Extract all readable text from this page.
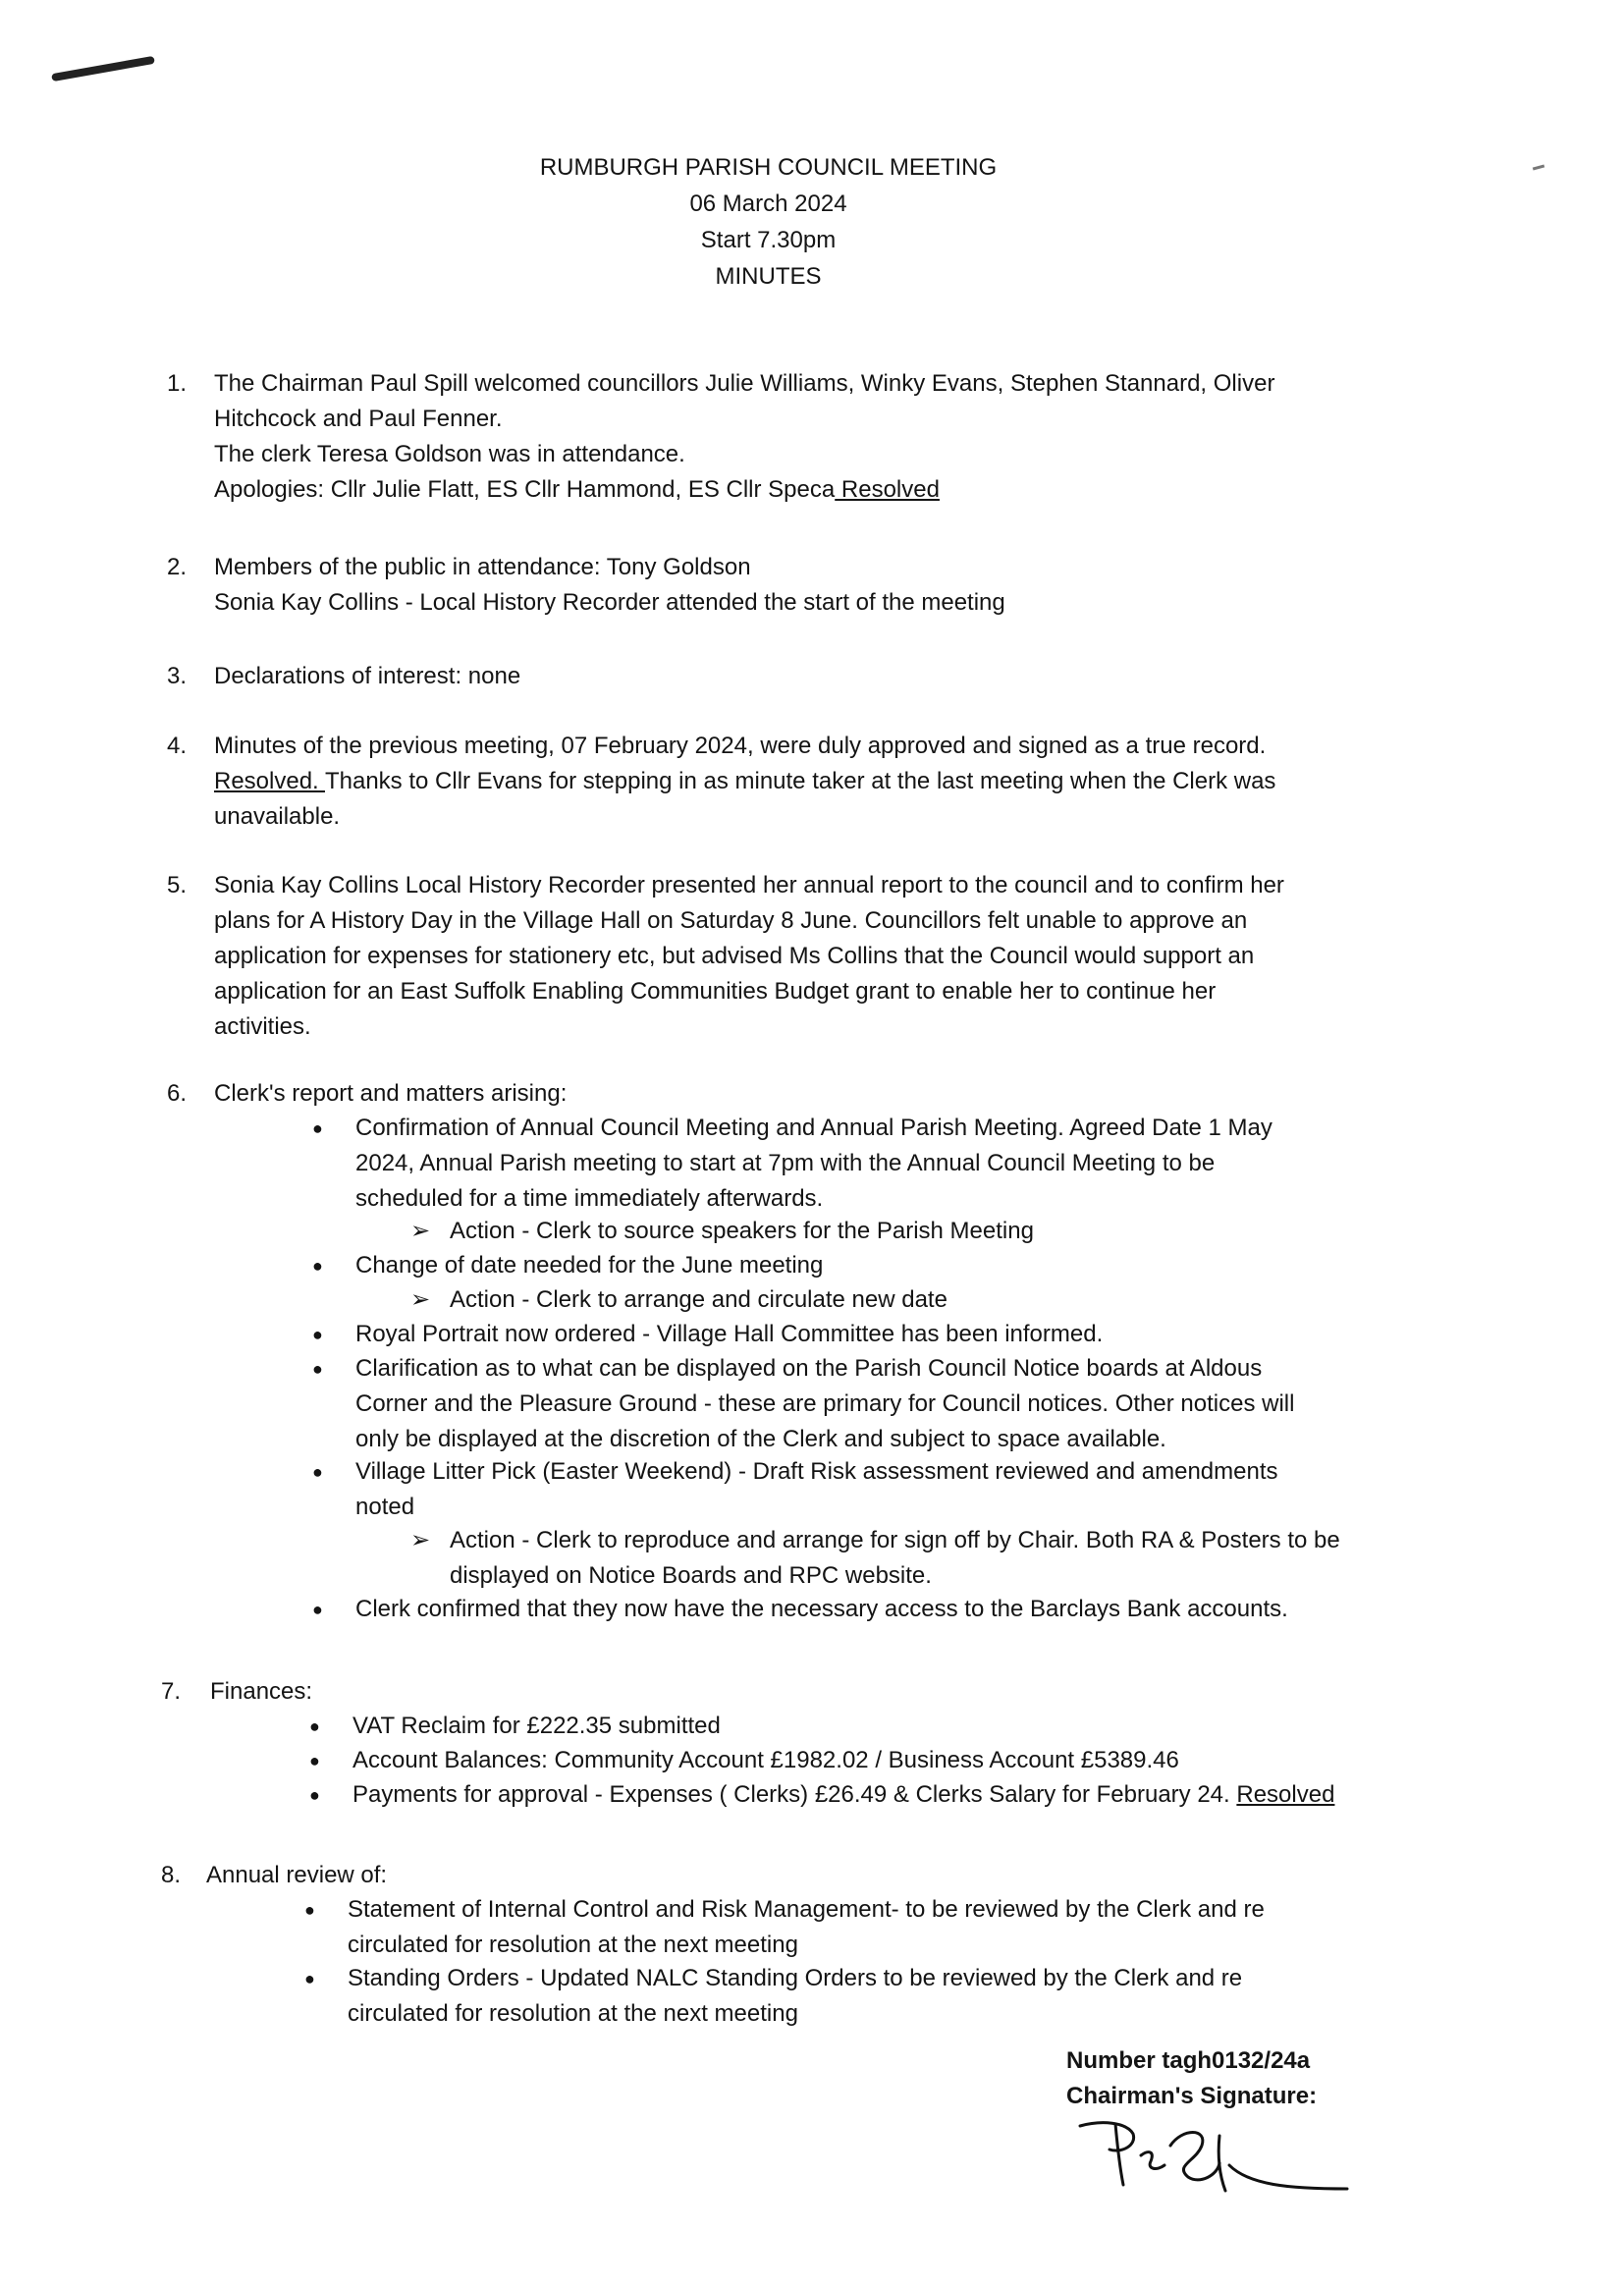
RUMBURGH PARISH COUNCIL MEETING
06 March 2024
Start 7.30pm
MINUTES
1.	The Chairman Paul Spill welcomed councillors Julie Williams, Winky Evans, Stephen Stannard, Oliver
Hitchcock and Paul Fenner.
The clerk Teresa Goldson was in attendance.
Apologies: Cllr Julie Flatt, ES Cllr Hammond, ES Cllr Speca Resolved
2.	Members of the public in attendance: Tony Goldson
Sonia Kay Collins - Local History Recorder attended the start of the meeting
3.	Declarations of interest: none
4.	Minutes of the previous meeting, 07 February 2024, were duly approved and signed as a true record.
Resolved. Thanks to Cllr Evans for stepping in as minute taker at the last meeting when the Clerk was
unavailable.
5.	Sonia Kay Collins Local History Recorder presented her annual report to the council and to confirm her
plans for A History Day in the Village Hall on Saturday 8 June. Councillors felt unable to approve an
application for expenses for stationery etc, but advised Ms Collins that the Council would support an
application for an East Suffolk Enabling Communities Budget grant to enable her to continue her
activities.
6.	Clerk's report and matters arising:
● Confirmation of Annual Council Meeting and Annual Parish Meeting. Agreed Date 1 May
2024, Annual Parish meeting to start at 7pm with the Annual Council Meeting to be
scheduled for a time immediately afterwards.
➢ Action - Clerk to source speakers for the Parish Meeting
● Change of date needed for the June meeting
➢ Action - Clerk to arrange and circulate new date
● Royal Portrait now ordered - Village Hall Committee has been informed.
● Clarification as to what can be displayed on the Parish Council Notice boards at Aldous
Corner and the Pleasure Ground - these are primary for Council notices. Other notices will
only be displayed at the discretion of the Clerk and subject to space available.
● Village Litter Pick (Easter Weekend) - Draft Risk assessment reviewed and amendments
noted
➢ Action - Clerk to reproduce and arrange for sign off by Chair. Both RA & Posters to be
displayed on Notice Boards and RPC website.
● Clerk confirmed that they now have the necessary access to the Barclays Bank accounts.
7.	Finances:
● VAT Reclaim for £222.35 submitted
● Account Balances: Community Account £1982.02 / Business Account £5389.46
● Payments for approval - Expenses ( Clerks) £26.49 & Clerks Salary for February 24. Resolved
8.	Annual review of:
● Statement of Internal Control and Risk Management- to be reviewed by the Clerk and re
circulated for resolution at the next meeting
● Standing Orders - Updated NALC Standing Orders to be reviewed by the Clerk and re
circulated for resolution at the next meeting
Number tagh0132/24a
Chairman's Signature:
